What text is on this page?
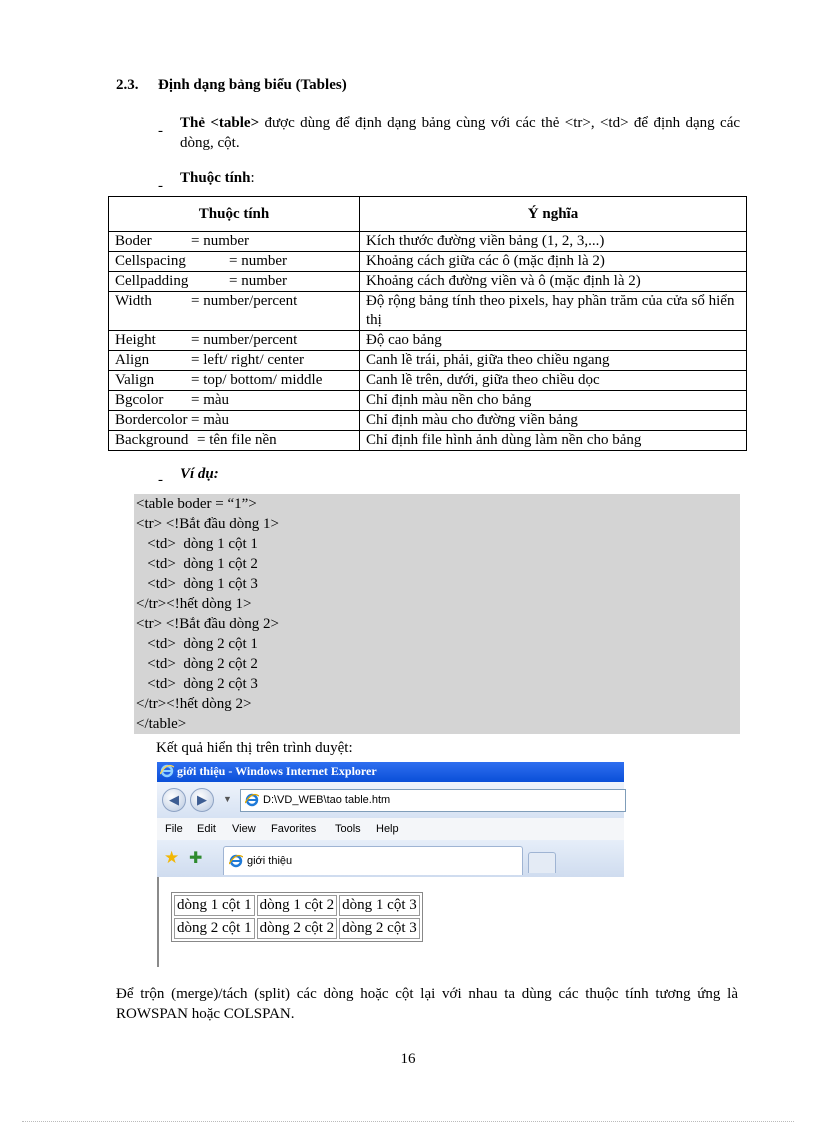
2.3. Định dạng bảng biểu (Tables)
- Thẻ <table> được dùng để định dạng bảng cùng với các thẻ <tr>, <td> để định dạng các dòng, cột.
- Thuộc tính:
Thuộc tính	Ý nghĩa
Boder = number	Kích thước đường viền bảng (1, 2, 3,...)
Cellspacing = number	Khoảng cách giữa các ô (mặc định là 2)
Cellpadding = number	Khoảng cách đường viền và ô (mặc định là 2)
Width = number/percent	Độ rộng bảng tính theo pixels, hay phần trăm của cửa sổ hiển thị
Height = number/percent	Độ cao bảng
Align = left/ right/ center	Canh lề trái, phải, giữa theo chiều ngang
Valign = top/ bottom/ middle	Canh lề trên, dưới, giữa theo chiều dọc
Bgcolor = màu	Chỉ định màu nền cho bảng
Bordercolor = màu	Chỉ định màu cho đường viền bảng
Background = tên file nền	Chỉ định file hình ảnh dùng làm nền cho bảng
- Ví dụ:
<table boder = “1”>
<tr> <!Bắt đầu dòng 1>
<td>  dòng 1 cột 1
<td>  dòng 1 cột 2
<td>  dòng 1 cột 3
</tr><!hết dòng 1>
<tr> <!Bắt đầu dòng 2>
<td>  dòng 2 cột 1
<td>  dòng 2 cột 2
<td>  dòng 2 cột 3
</tr><!hết dòng 2>
</table>
Kết quả hiển thị trên trình duyệt:
giới thiệu - Windows Internet Explorer
◀	▶	▼	D:\VD_WEB\tao table.htm
File Edit View Favorites Tools Help
★ ✚	giới thiệu
dòng 1 cột 1	dòng 1 cột 2	dòng 1 cột 3
dòng 2 cột 1	dòng 2 cột 2	dòng 2 cột 3
Để trộn (merge)/tách (split) các dòng hoặc cột lại với nhau ta dùng các thuộc tính tương ứng là ROWSPAN hoặc COLSPAN.
16
